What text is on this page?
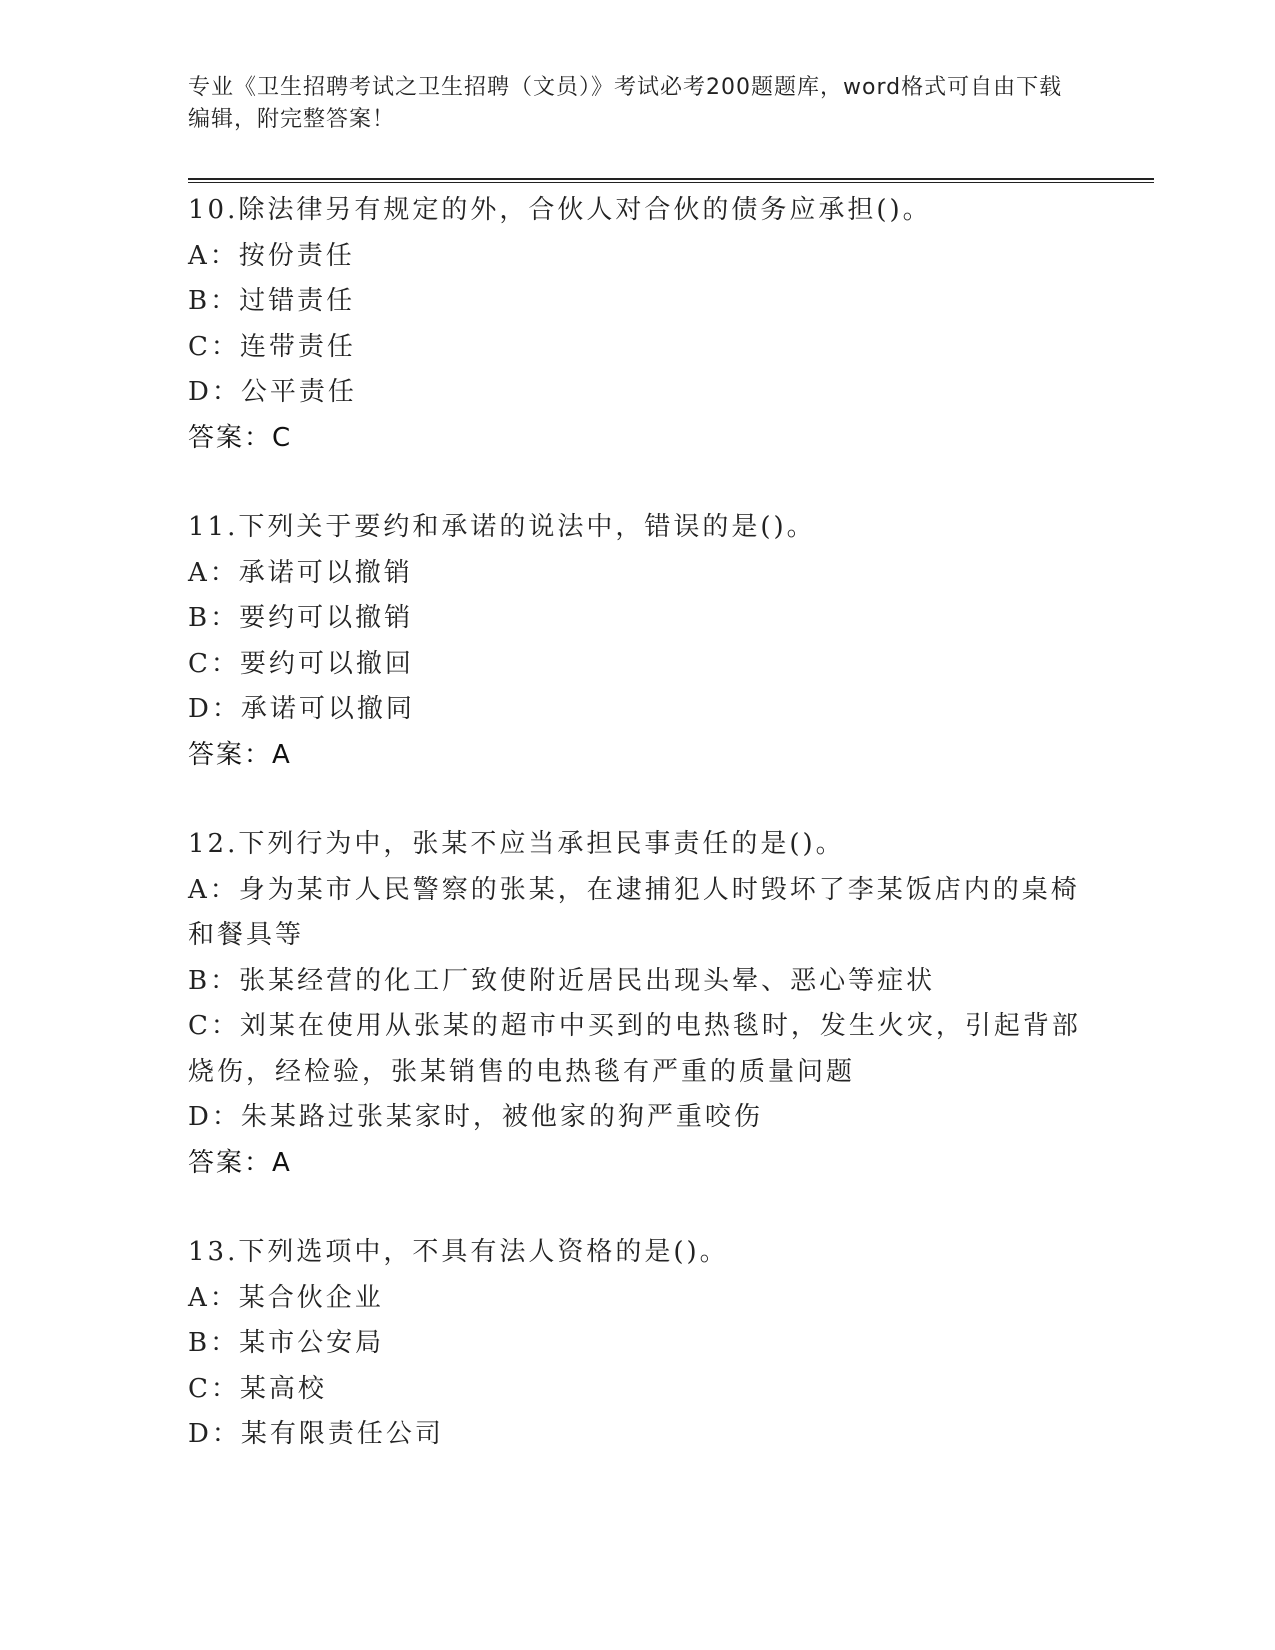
专业《卫生招聘考试之卫生招聘（文员）》考试必考200题题库，word格式可自由下载编辑，附完整答案！
10.除法律另有规定的外，合伙人对合伙的债务应承担()。
A：按份责任
B：过错责任
C：连带责任
D：公平责任
答案：C
11.下列关于要约和承诺的说法中，错误的是()。
A：承诺可以撤销
B：要约可以撤销
C：要约可以撤回
D：承诺可以撤同
答案：A
12.下列行为中，张某不应当承担民事责任的是()。
A：身为某市人民警察的张某，在逮捕犯人时毁坏了李某饭店内的桌椅和餐具等
B：张某经营的化工厂致使附近居民出现头晕、恶心等症状
C：刘某在使用从张某的超市中买到的电热毯时，发生火灾，引起背部烧伤，经检验，张某销售的电热毯有严重的质量问题
D：朱某路过张某家时，被他家的狗严重咬伤
答案：A
13.下列选项中，不具有法人资格的是()。
A：某合伙企业
B：某市公安局
C：某高校
D：某有限责任公司
